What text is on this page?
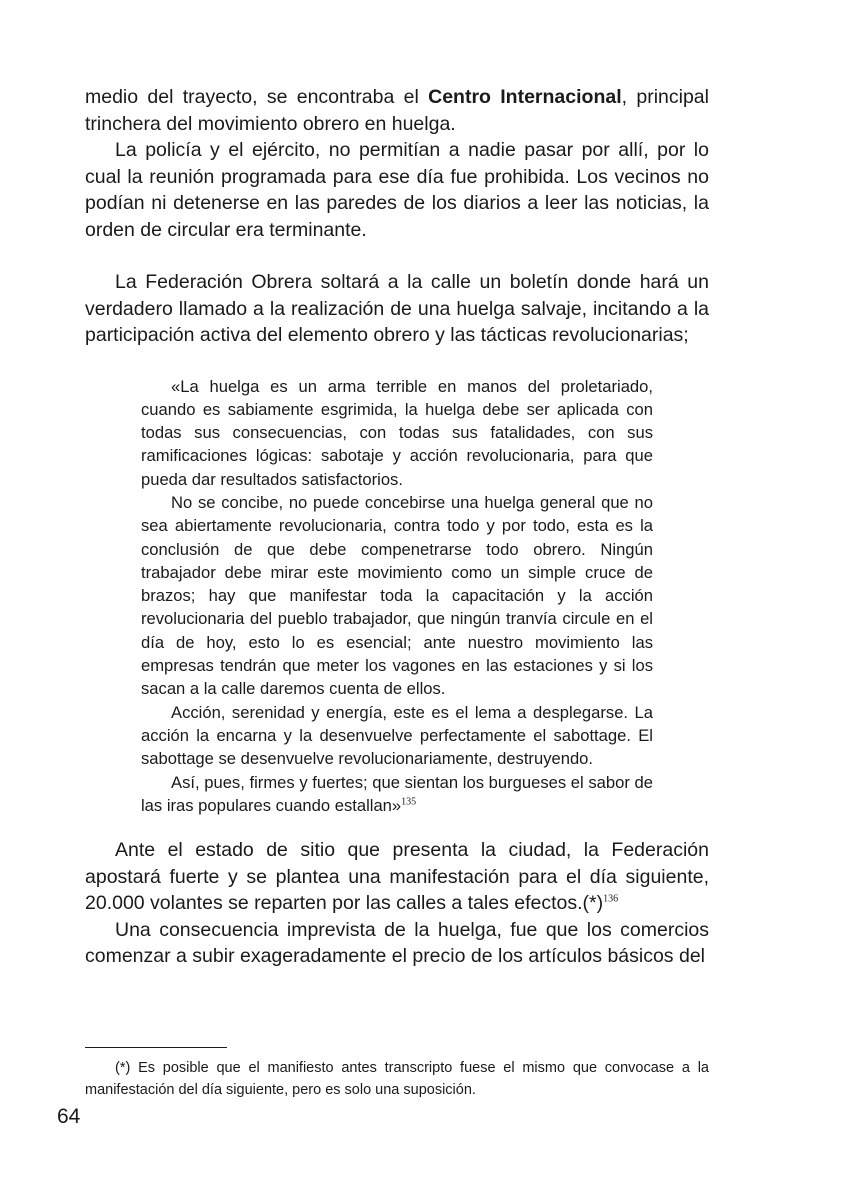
medio del trayecto, se encontraba el Centro Internacional, principal trinchera del movimiento obrero en huelga.

La policía y el ejército, no permitían a nadie pasar por allí, por lo cual la reunión programada para ese día fue prohibida. Los vecinos no podían ni detenerse en las paredes de los diarios a leer las noticias, la orden de circular era terminante.

La Federación Obrera soltará a la calle un boletín donde hará un verdadero llamado a la realización de una huelga salvaje, incitando a la participación activa del elemento obrero y las tácticas revolucionarias;

«La huelga es un arma terrible en manos del proletariado, cuando es sabiamente esgrimida, la huelga debe ser aplicada con todas sus consecuencias, con todas sus fatalidades, con sus ramificaciones lógicas: sabotaje y acción revolucionaria, para que pueda dar resultados satisfactorios.

No se concibe, no puede concebirse una huelga general que no sea abiertamente revolucionaria, contra todo y por todo, esta es la conclusión de que debe compenetrarse todo obrero. Ningún trabajador debe mirar este movimiento como un simple cruce de brazos; hay que manifestar toda la capacitación y la acción revolucionaria del pueblo trabajador, que ningún tranvía circule en el día de hoy, esto lo es esencial; ante nuestro movimiento las empresas tendrán que meter los vagones en las estaciones y si los sacan a la calle daremos cuenta de ellos.

Acción, serenidad y energía, este es el lema a desplegarse. La acción la encarna y la desenvuelve perfectamente el sabottage. El sabottage se desenvuelve revolucionariamente, destruyendo.

Así, pues, firmes y fuertes; que sientan los burgueses el sabor de las iras populares cuando estallan»$^{135}$

Ante el estado de sitio que presenta la ciudad, la Federación apostará fuerte y se plantea una manifestación para el día siguiente, 20.000 volantes se reparten por las calles a tales $efectos.(*)^{136}$

Una consecuencia imprevista de la huelga, fue que los comercios comenzar a subir exageradamente el precio de los artículos básicos del

(*) Es posible que el manifiesto antes transcripto fuese el mismo que convocase a la manifestación del día siguiente, pero es solo una suposición.

64
